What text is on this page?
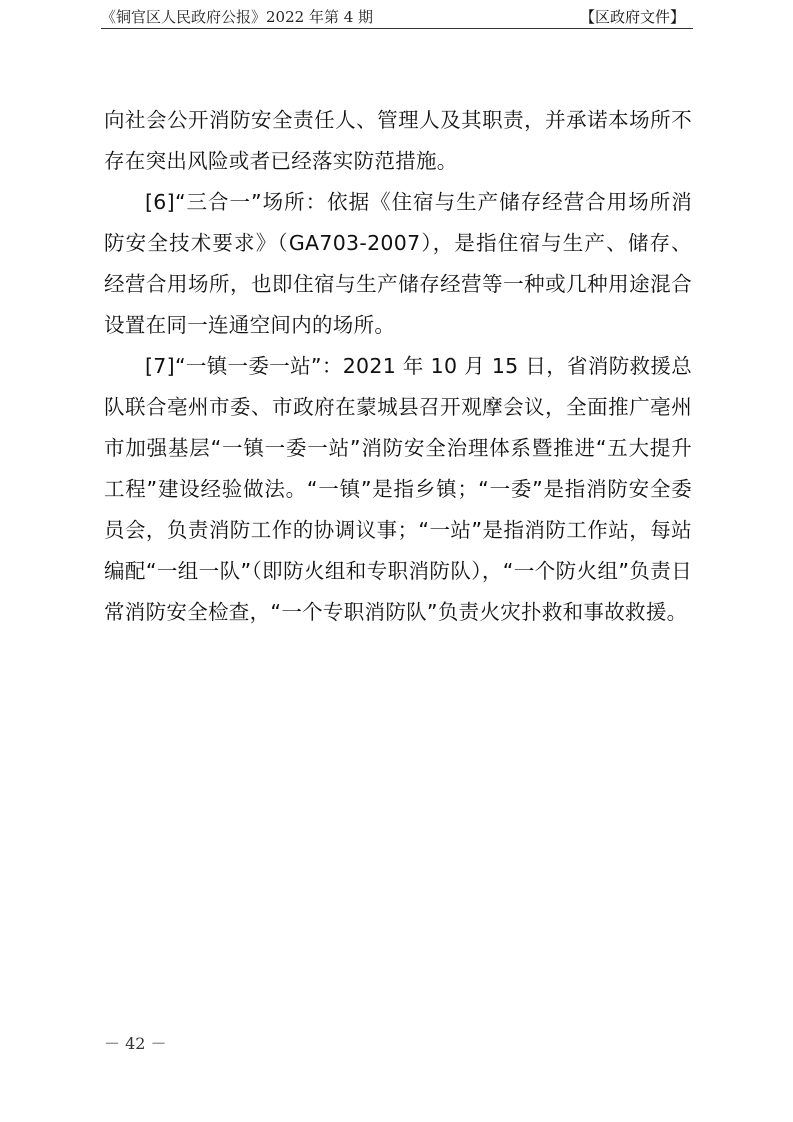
《铜官区人民政府公报》2022 年第 4 期	【区政府文件】

向社会公开消防安全责任人、管理人及其职责，并承诺本场所不存在突出风险或者已经落实防范措施。

[6]“三合一”场所：依据《住宿与生产储存经营合用场所消防安全技术要求》（GA703-2007），是指住宿与生产、储存、经营合用场所，也即住宿与生产储存经营等一种或几种用途混合设置在同一连通空间内的场所。

[7]“一镇一委一站”：2021 年 10 月 15 日，省消防救援总队联合亳州市委、市政府在蒙城县召开观摩会议，全面推广亳州市加强基层“一镇一委一站”消防安全治理体系暨推进“五大提升工程”建设经验做法。“一镇”是指乡镇；“一委”是指消防安全委员会，负责消防工作的协调议事；“一站”是指消防工作站，每站编配“一组一队”（即防火组和专职消防队），“一个防火组”负责日常消防安全检查，“一个专职消防队”负责火灾扑救和事故救援。

－ 42 －
